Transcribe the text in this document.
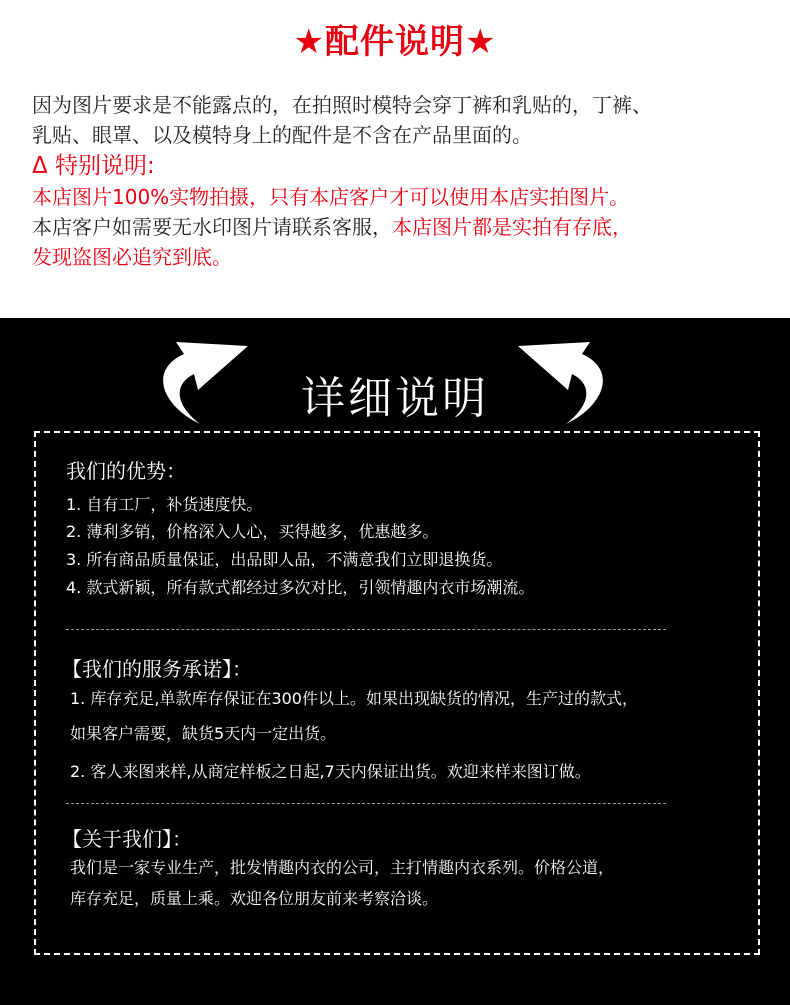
★配件说明★
因为图片要求是不能露点的，在拍照时模特会穿丁裤和乳贴的，丁裤、
乳贴、眼罩、以及模特身上的配件是不含在产品里面的。
Δ 特别说明:
本店图片100%实物拍摄，只有本店客户才可以使用本店实拍图片。
本店客户如需要无水印图片请联系客服，本店图片都是实拍有存底，
发现盗图必追究到底。
详细说明
我们的优势：
1. 自有工厂，补货速度快。
2. 薄利多销，价格深入人心，买得越多，优惠越多。
3. 所有商品质量保证，出品即人品，不满意我们立即退换货。
4. 款式新颖，所有款式都经过多次对比，引领情趣内衣市场潮流。
【我们的服务承诺】：
1. 库存充足,单款库存保证在300件以上。如果出现缺货的情况，生产过的款式，
如果客户需要，缺货5天内一定出货。
2. 客人来图来样,从商定样板之日起,7天内保证出货。欢迎来样来图订做。
【关于我们】：
我们是一家专业生产，批发情趣内衣的公司，主打情趣内衣系列。价格公道，
库存充足，质量上乘。欢迎各位朋友前来考察洽谈。
